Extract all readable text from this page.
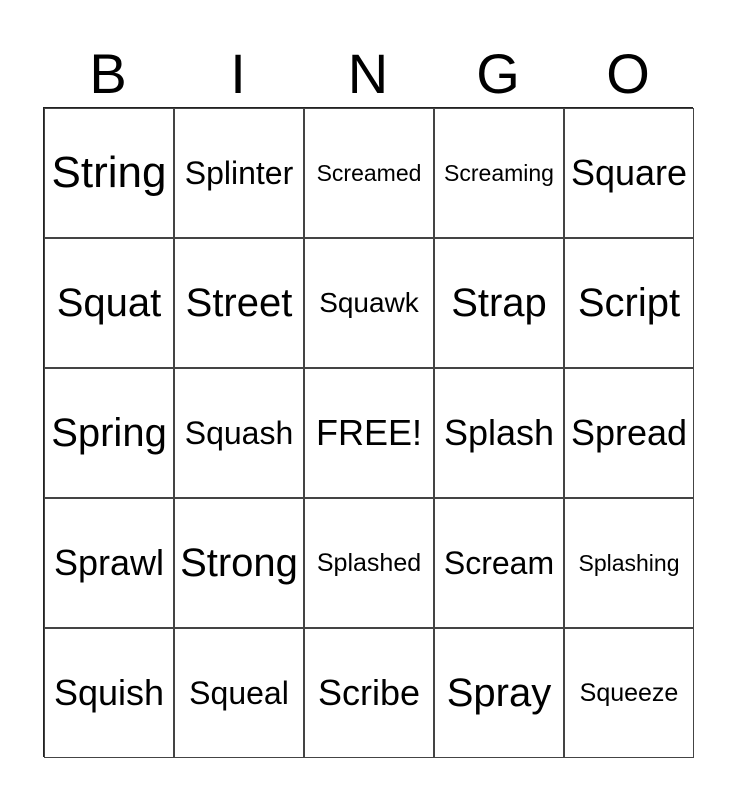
B	I	N	G	O
String Splinter Screamed Screaming Square
Squat Street Squawk Strap Script
Spring Squash FREE! Splash Spread
Sprawl Strong Splashed Scream Splashing
Squish Squeal Scribe Spray Squeeze
